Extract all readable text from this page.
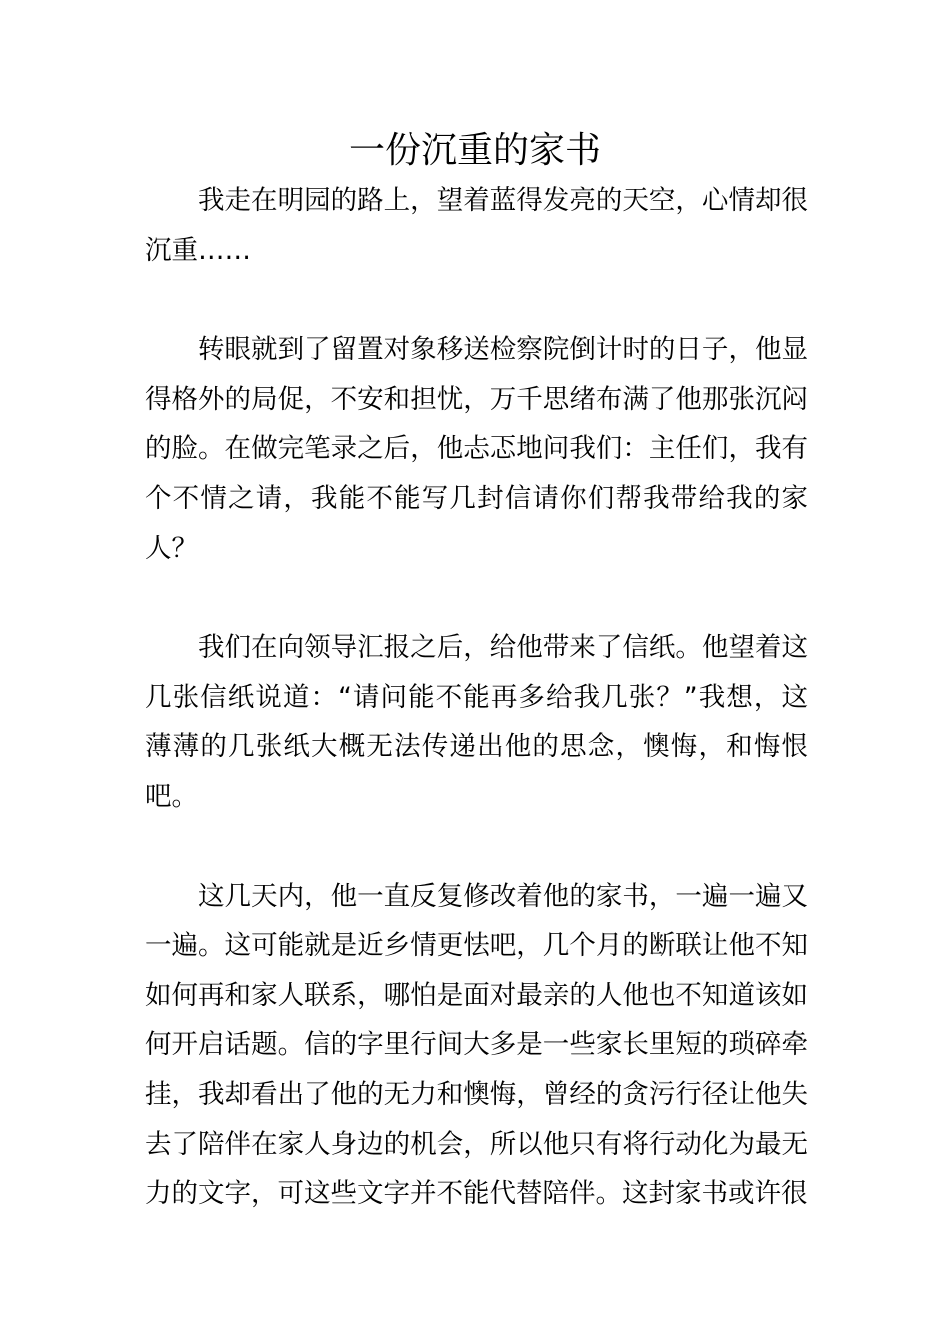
一份沉重的家书

我走在明园的路上，望着蓝得发亮的天空，心情却很沉重……

转眼就到了留置对象移送检察院倒计时的日子，他显得格外的局促，不安和担忧，万千思绪布满了他那张沉闷的脸。在做完笔录之后，他忐忑地问我们：主任们，我有个不情之请，我能不能写几封信请你们帮我带给我的家人？

我们在向领导汇报之后，给他带来了信纸。他望着这几张信纸说道：“请问能不能再多给我几张？”我想，这薄薄的几张纸大概无法传递出他的思念，懊悔，和悔恨吧。

这几天内，他一直反复修改着他的家书，一遍一遍又一遍。这可能就是近乡情更怯吧，几个月的断联让他不知如何再和家人联系，哪怕是面对最亲的人他也不知道该如何开启话题。信的字里行间大多是一些家长里短的琐碎牵挂，我却看出了他的无力和懊悔，曾经的贪污行径让他失去了陪伴在家人身边的机会，所以他只有将行动化为最无力的文字，可这些文字并不能代替陪伴。这封家书或许很
